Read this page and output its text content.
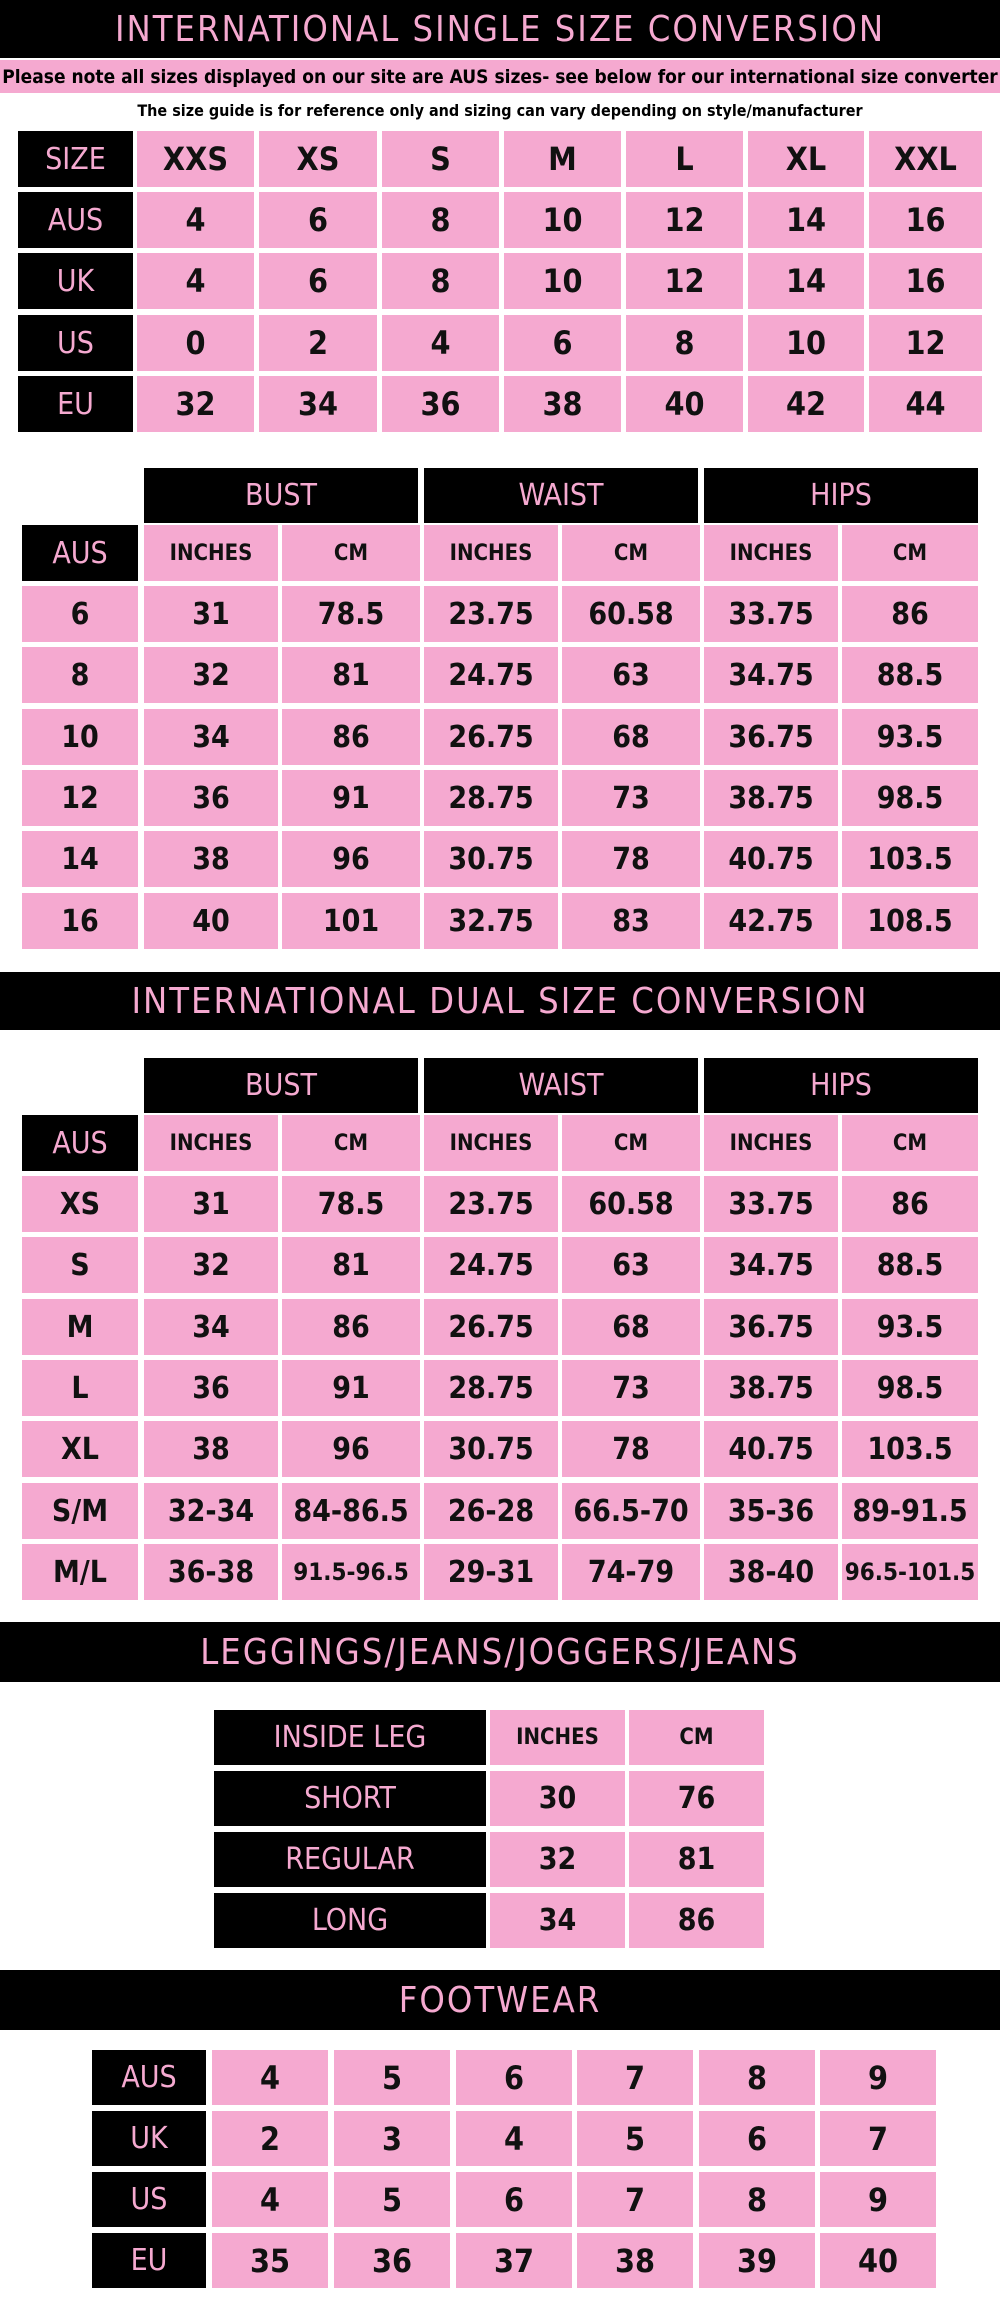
INTERNATIONAL SINGLE SIZE CONVERSION
Please note all sizes displayed on our site are AUS sizes- see below for our international size converter
The size guide is for reference only and sizing can vary depending on style/manufacturer
INTERNATIONAL DUAL SIZE CONVERSION
LEGGINGS/JEANS/JOGGERS/JEANS
FOOTWEAR
SIZE	XXS	XS	S	M	L	XL	XXL
AUS	4	6	8	10	12	14	16
UK	4	6	8	10	12	14	16
US	0	2	4	6	8	10	12
EU	32	34	36	38	40	42	44
BUST	WAIST	HIPS
AUS	INCHES	CM	INCHES	CM	INCHES	CM
6	31	78.5	23.75	60.58	33.75	86
8	32	81	24.75	63	34.75	88.5
10	34	86	26.75	68	36.75	93.5
12	36	91	28.75	73	38.75	98.5
14	38	96	30.75	78	40.75	103.5
16	40	101	32.75	83	42.75	108.5
BUST	WAIST	HIPS
AUS	INCHES	CM	INCHES	CM	INCHES	CM
XS	31	78.5	23.75	60.58	33.75	86
S	32	81	24.75	63	34.75	88.5
M	34	86	26.75	68	36.75	93.5
L	36	91	28.75	73	38.75	98.5
XL	38	96	30.75	78	40.75	103.5
S/M	32-34	84-86.5	26-28	66.5-70	35-36	89-91.5
M/L	36-38	91.5-96.5	29-31	74-79	38-40	96.5-101.5
INSIDE LEG	INCHES	CM
SHORT	30	76
REGULAR	32	81
LONG	34	86
AUS	4	5	6	7	8	9
UK	2	3	4	5	6	7
US	4	5	6	7	8	9
EU	35	36	37	38	39	40
